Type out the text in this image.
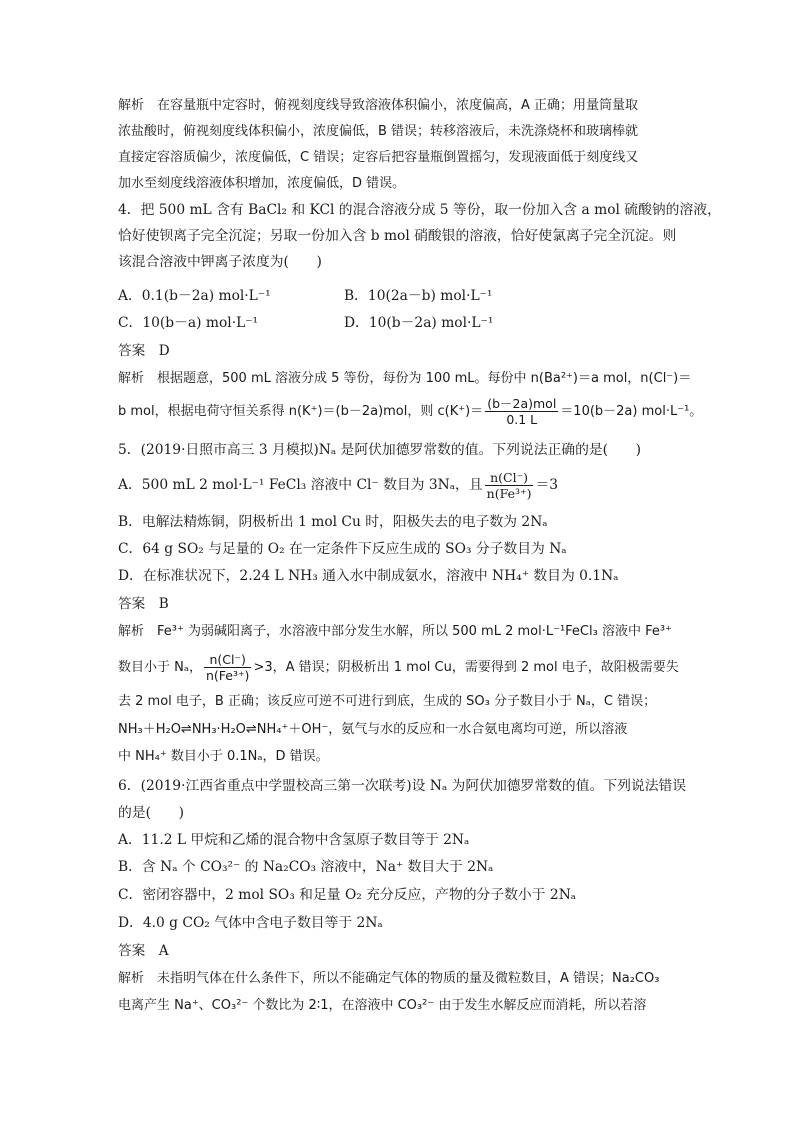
解析　在容量瓶中定容时，俯视刻度线导致溶液体积偏小，浓度偏高，A 正确；用量筒量取
浓盐酸时，俯视刻度线体积偏小，浓度偏低，B 错误；转移溶液后，未洗涤烧杯和玻璃棒就
直接定容溶质偏少，浓度偏低，C 错误；定容后把容量瓶倒置摇匀，发现液面低于刻度线又
加水至刻度线溶液体积增加，浓度偏低，D 错误。
4．把 500 mL 含有 BaCl₂ 和 KCl 的混合溶液分成 5 等份，取一份加入含 a mol 硫酸钠的溶液，
恰好使钡离子完全沉淀；另取一份加入含 b mol 硝酸银的溶液，恰好使氯离子完全沉淀。则
该混合溶液中钾离子浓度为(　　)
A．0.1(b－2a) mol·L⁻¹	B．10(2a－b) mol·L⁻¹
C．10(b－a) mol·L⁻¹	D．10(b－2a) mol·L⁻¹
答案　D
解析　根据题意，500 mL 溶液分成 5 等份，每份为 100 mL。每份中 n(Ba²⁺)＝a mol，n(Cl⁻)＝
b mol，根据电荷守恒关系得 n(K⁺)＝(b－2a)mol，则 $c(K^+)= \frac{\text{(b－2a)mol}}{0.1 L} =10(b-2a)$ mol·L⁻¹。
5．(2019·日照市高三 3 月模拟)Nₐ 是阿伏加德罗常数的值。下列说法正确的是(　　)
A．500 mL 2 mol·L⁻¹ FeCl₃ 溶液中 Cl⁻ 数目为 3Nₐ，且 $\frac{n(Cl^-)}{\text{n(Fe³⁺)}} =3$
B．电解法精炼铜，阴极析出 1 mol Cu 时，阳极失去的电子数为 2Nₐ
C．64 g SO₂ 与足量的 O₂ 在一定条件下反应生成的 SO₃ 分子数目为 Nₐ
D．在标准状况下，2.24 L NH₃ 通入水中制成氨水，溶液中 NH₄⁺ 数目为 0.1Nₐ
答案　B
解析　Fe³⁺ 为弱碱阳离子，水溶液中部分发生水解，所以 500 mL 2 mol·L⁻¹FeCl₃ 溶液中 Fe³⁺
数目小于 Nₐ， $\frac{n(Cl^-)}{\text{n(Fe³⁺)}} >3$，A 错误；阴极析出 1 mol Cu，需要得到 2 mol 电子，故阳极需要失
去 2 mol 电子，B 正确；该反应可逆不可进行到底，生成的 SO₃ 分子数目小于 Nₐ，C 错误；
NH₃＋H₂O⇌NH₃·H₂O⇌NH₄⁺＋OH⁻，氨气与水的反应和一水合氨电离均可逆，所以溶液
中 NH₄⁺ 数目小于 0.1Nₐ，D 错误。
6．(2019·江西省重点中学盟校高三第一次联考)设 Nₐ 为阿伏加德罗常数的值。下列说法错误
的是(　　)
A．11.2 L 甲烷和乙烯的混合物中含氢原子数目等于 2Nₐ
B．含 Nₐ 个 CO₃²⁻ 的 Na₂CO₃ 溶液中，Na⁺ 数目大于 2Nₐ
C．密闭容器中，2 mol SO₃ 和足量 O₂ 充分反应，产物的分子数小于 2Nₐ
D．4.0 g CO₂ 气体中含电子数目等于 2Nₐ
答案　A
解析　未指明气体在什么条件下，所以不能确定气体的物质的量及微粒数目，A 错误；Na₂CO₃
电离产生 Na⁺、CO₃²⁻ 个数比为 2∶1，在溶液中 CO₃²⁻ 由于发生水解反应而消耗，所以若溶
